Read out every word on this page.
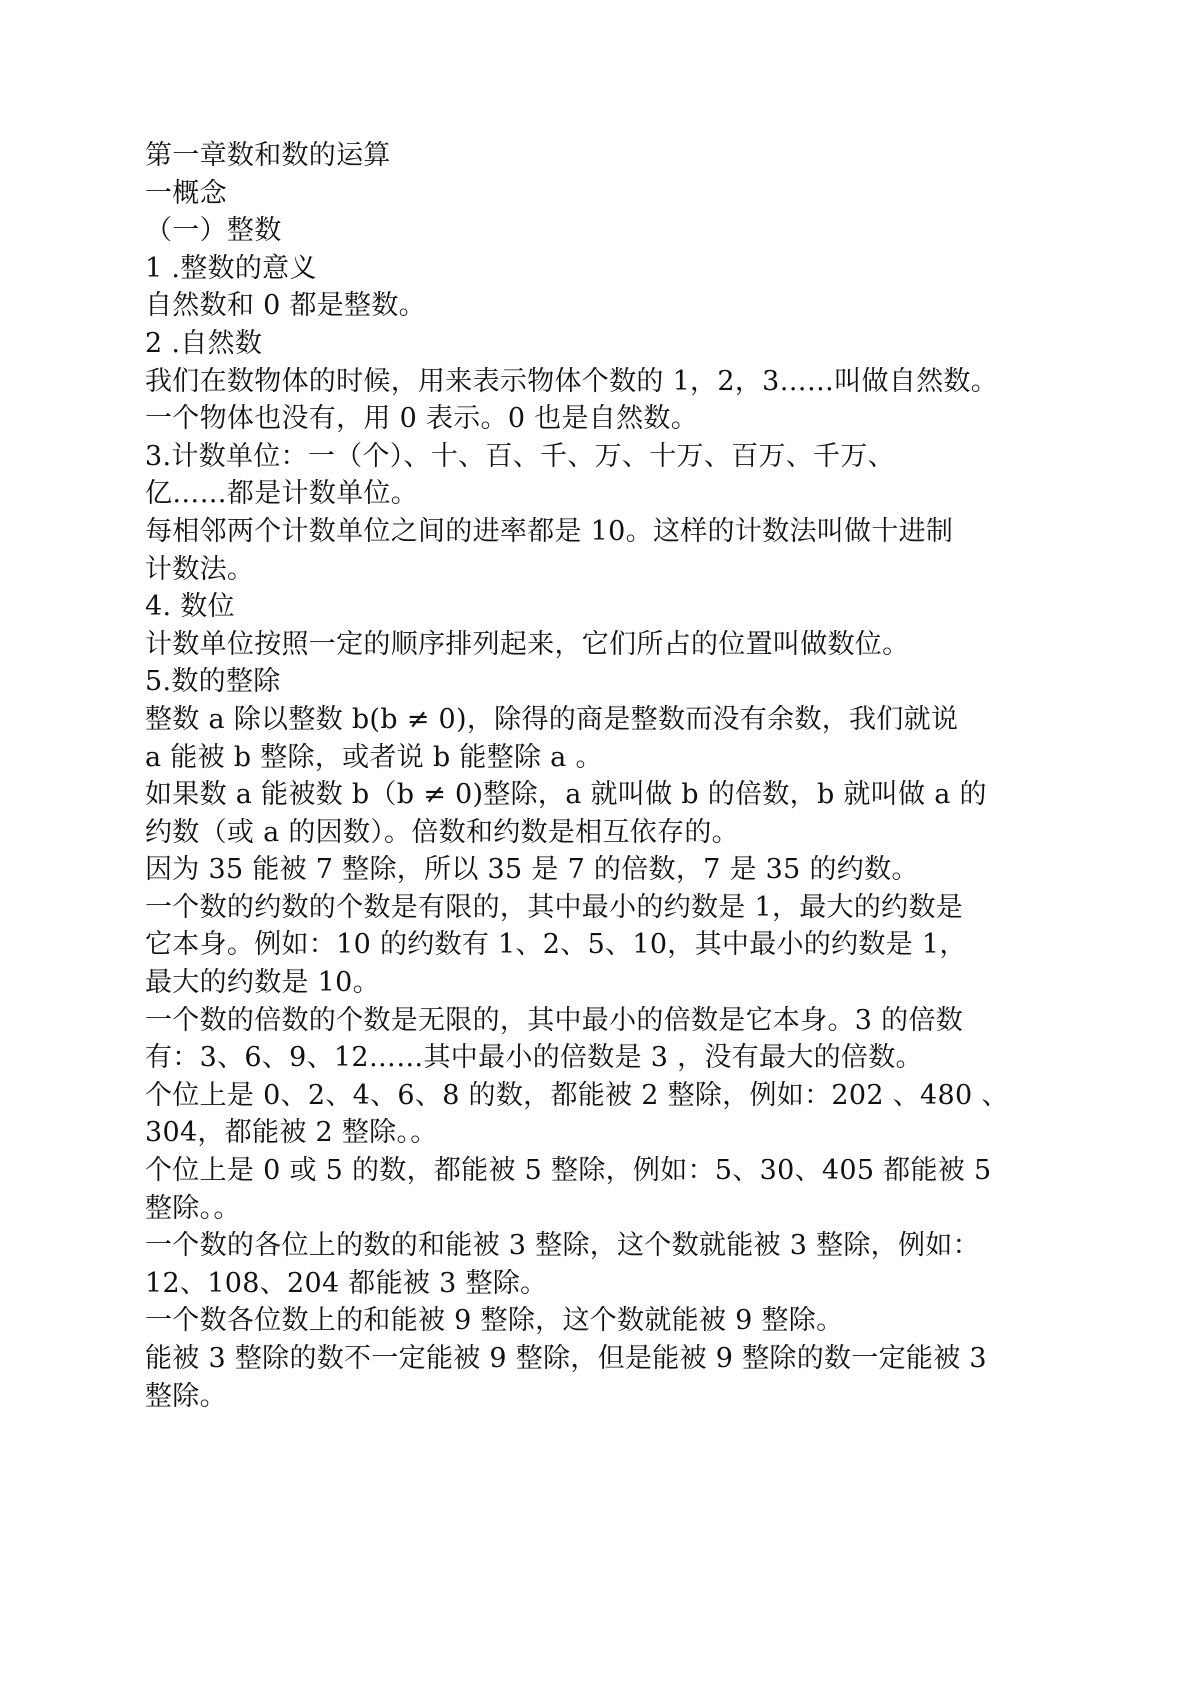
第一章数和数的运算
一概念
（一）整数
1 .整数的意义
自然数和 0 都是整数。
2 .自然数
我们在数物体的时候，用来表示物体个数的 1，2，3……叫做自然数。
一个物体也没有，用 0 表示。0 也是自然数。
3.计数单位：一（个）、十、百、千、万、十万、百万、千万、
亿……都是计数单位。
每相邻两个计数单位之间的进率都是 10。这样的计数法叫做十进制
计数法。
4. 数位
计数单位按照一定的顺序排列起来，它们所占的位置叫做数位。
5.数的整除
整数 a 除以整数 b(b ≠ 0)，除得的商是整数而没有余数，我们就说
a 能被 b 整除，或者说 b 能整除 a 。
如果数 a 能被数 b（b ≠ 0)整除，a 就叫做 b 的倍数，b 就叫做 a 的
约数（或 a 的因数）。倍数和约数是相互依存的。
因为 35 能被 7 整除，所以 35 是 7 的倍数，7 是 35 的约数。
一个数的约数的个数是有限的，其中最小的约数是 1，最大的约数是
它本身。例如：10 的约数有 1、2、5、10，其中最小的约数是 1，
最大的约数是 10。
一个数的倍数的个数是无限的，其中最小的倍数是它本身。3 的倍数
有：3、6、9、12……其中最小的倍数是 3 ，没有最大的倍数。
个位上是 0、2、4、6、8 的数，都能被 2 整除，例如：202 、480 、
304，都能被 2 整除。。
个位上是 0 或 5 的数，都能被 5 整除，例如：5、30、405 都能被 5
整除。。
一个数的各位上的数的和能被 3 整除，这个数就能被 3 整除，例如：
12、108、204 都能被 3 整除。
一个数各位数上的和能被 9 整除，这个数就能被 9 整除。
能被 3 整除的数不一定能被 9 整除，但是能被 9 整除的数一定能被 3
整除。
